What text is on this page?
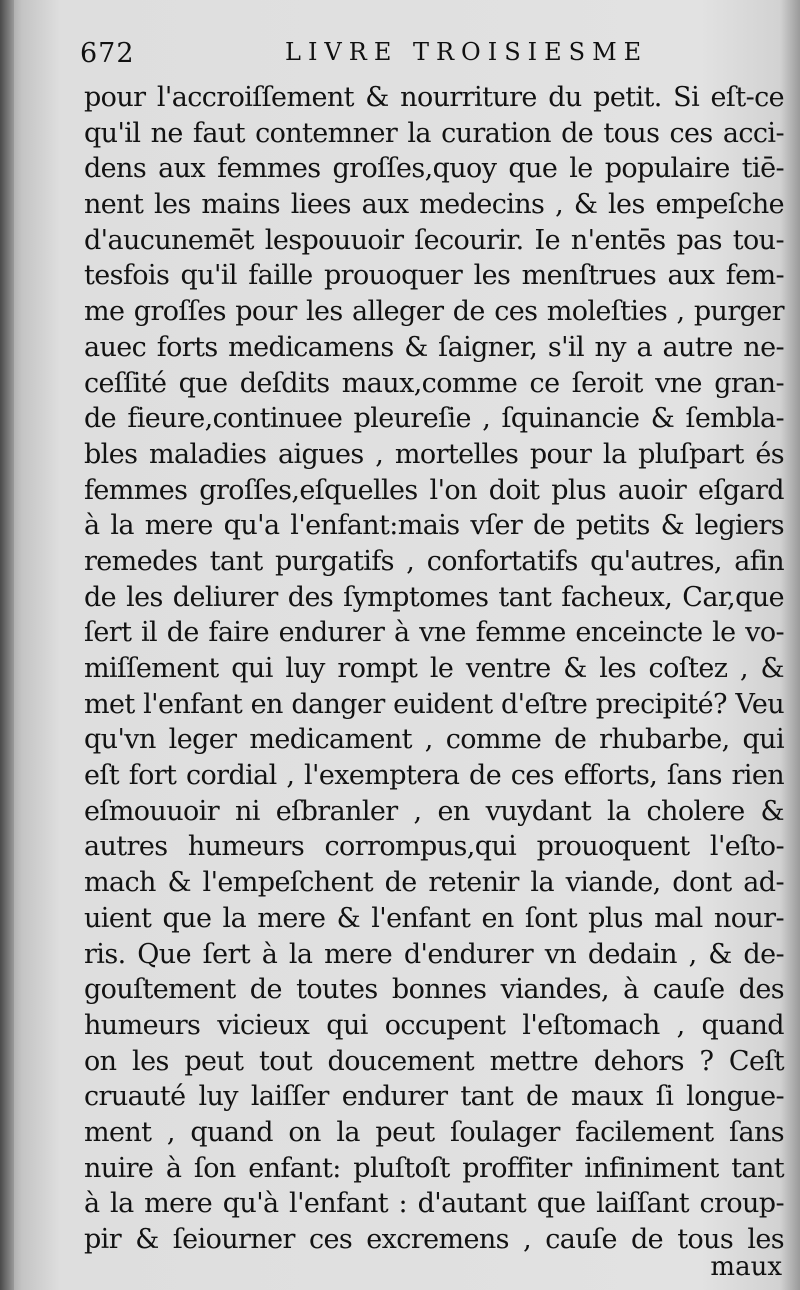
672	LIVRE TROISIESME
pour l'accroiſſement & nourriture du petit. Si eſt-ce
qu'il ne faut contemner la curation de tous ces acci-
dens aux femmes groſſes,quoy que le populaire tiē-
nent les mains liees aux medecins , & les empeſche
d'aucunemēt lespouuoir ſecourir. Ie n'entēs pas tou-
tesfois qu'il faille prouoquer les menſtrues aux fem-
me groſſes pour les alleger de ces moleſties , purger
auec forts medicamens & ſaigner, s'il ny a autre ne-
ceſſité que deſdits maux,comme ce ſeroit vne gran-
de fieure,continuee pleureſie , ſquinancie & ſembla-
bles maladies aigues , mortelles pour la pluſpart és
femmes groſſes,eſquelles l'on doit plus auoir eſgard
à la mere qu'a l'enfant:mais vſer de petits & legiers
remedes tant purgatifs , confortatifs qu'autres, afin
de les deliurer des ſymptomes tant facheux, Car,que
ſert il de faire endurer à vne femme enceincte le vo-
miſſement qui luy rompt le ventre & les coſtez , &
met l'enfant en danger euident d'eſtre precipité? Veu
qu'vn leger medicament , comme de rhubarbe, qui
eſt fort cordial , l'exemptera de ces efforts, ſans rien
eſmouuoir ni eſbranler , en vuydant la cholere &
autres humeurs corrompus,qui prouoquent l'eſto-
mach & l'empeſchent de retenir la viande, dont ad-
uient que la mere & l'enfant en ſont plus mal nour-
ris. Que ſert à la mere d'endurer vn dedain , & de-
gouſtement de toutes bonnes viandes, à cauſe des
humeurs vicieux qui occupent l'eſtomach , quand
on les peut tout doucement mettre dehors ? Ceſt
cruauté luy laiſſer endurer tant de maux ſi longue-
ment , quand on la peut ſoulager facilement ſans
nuire à ſon enfant: pluſtoſt proffiter infiniment tant
à la mere qu'à l'enfant : d'autant que laiſſant croup-
pir & ſeiourner ces excremens , cauſe de tous les
maux
